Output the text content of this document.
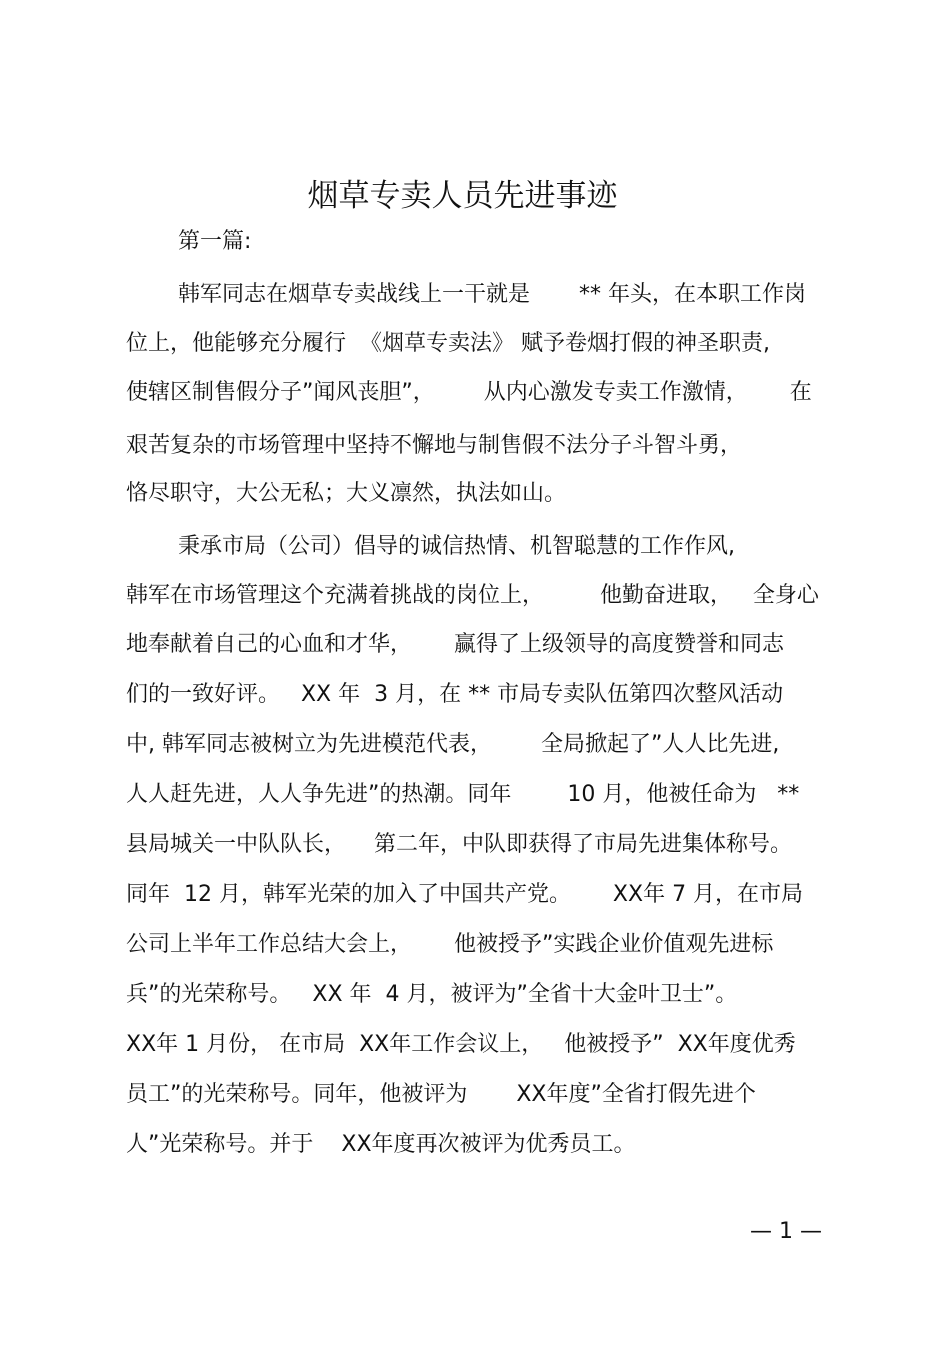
烟草专卖人员先进事迹

第一篇:

韩军同志在烟草专卖战线上一干就是       ** 年头，在本职工作岗

位上，他能够充分履行  《烟草专卖法》 赋予卷烟打假的神圣职责,

使辖区制售假分子”闻风丧胆”，       从内心激发专卖工作激情，      在

艰苦复杂的市场管理中坚持不懈地与制售假不法分子斗智斗勇，

恪尽职守，大公无私；大义凛然，执法如山。

秉承市局（公司）倡导的诚信热情、机智聪慧的工作作风,

韩军在市场管理这个充满着挑战的岗位上，        他勤奋进取，   全身心

地奉献着自己的心血和才华，      赢得了上级领导的高度赞誉和同志

们的一致好评。   XX 年  3 月，在 ** 市局专卖队伍第四次整风活动

中, 韩军同志被树立为先进模范代表，       全局掀起了”人人比先进,

人人赶先进，人人争先进”的热潮。同年        10 月，他被任命为   **

县局城关一中队队长，    第二年，中队即获得了市局先进集体称号。

同年  12 月，韩军光荣的加入了中国共产党。      XX年 7 月，在市局

公司上半年工作总结大会上，      他被授予”实践企业价值观先进标

兵”的光荣称号。   XX 年  4 月，被评为”全省十大金叶卫士”。

XX年 1 月份， 在市局  XX年工作会议上，   他被授予”  XX年度优秀

员工”的光荣称号。同年，他被评为       XX年度”全省打假先进个

人”光荣称号。并于    XX年度再次被评为优秀员工。

— 1 —
